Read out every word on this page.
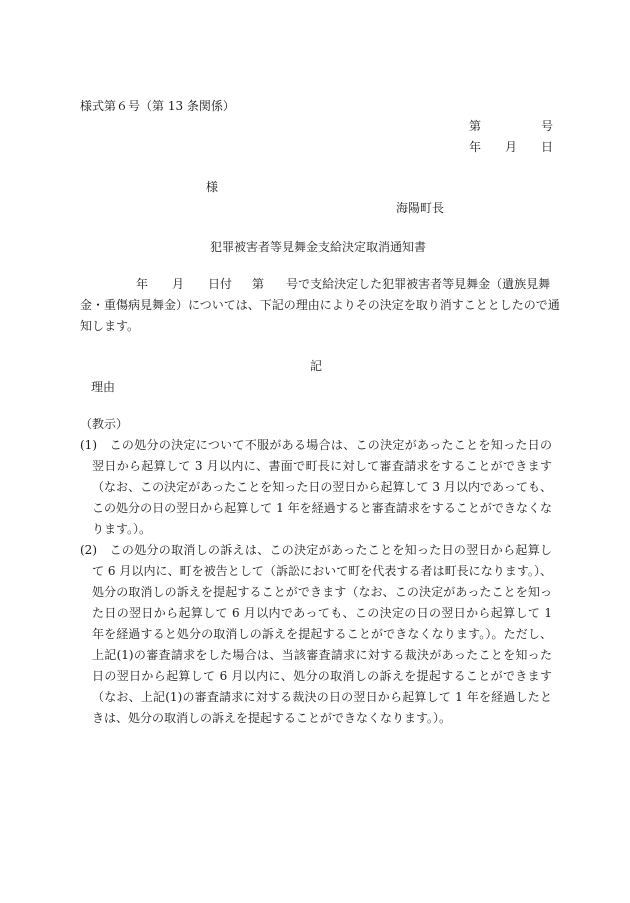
様式第６号（第 13 条関係）
第	号
年 月 日
様
海陽町長
犯罪被害者等見舞金支給決定取消通知書
年 月 日付 第 号で支給決定した犯罪被害者等見舞金（遺族見舞
金・重傷病見舞金）については、下記の理由によりその決定を取り消すこととしたので通
知します。
記
理由
（教示）

(1)　この処分の決定について不服がある場合は、この決定があったことを知った日の翌日から起算して 3 月以内に、書面で町長に対して審査請求をすることができます（なお、この決定があったことを知った日の翌日から起算して 3 月以内であっても、この処分の日の翌日から起算して 1 年を経過すると審査請求をすることができなくなります。）。

(2)　この処分の取消しの訴えは、この決定があったことを知った日の翌日から起算して 6 月以内に、町を被告として（訴訟において町を代表する者は町長になります。）、処分の取消しの訴えを提起することができます（なお、この決定があったことを知った日の翌日から起算して 6 月以内であっても、この決定の日の翌日から起算して 1 年を経過すると処分の取消しの訴えを提起することができなくなります。）。ただし、上記(1)の審査請求をした場合は、当該審査請求に対する裁決があったことを知った日の翌日から起算して 6 月以内に、処分の取消しの訴えを提起することができます（なお、上記(1)の審査請求に対する裁決の日の翌日から起算して 1 年を経過したときは、処分の取消しの訴えを提起することができなくなります。）。
